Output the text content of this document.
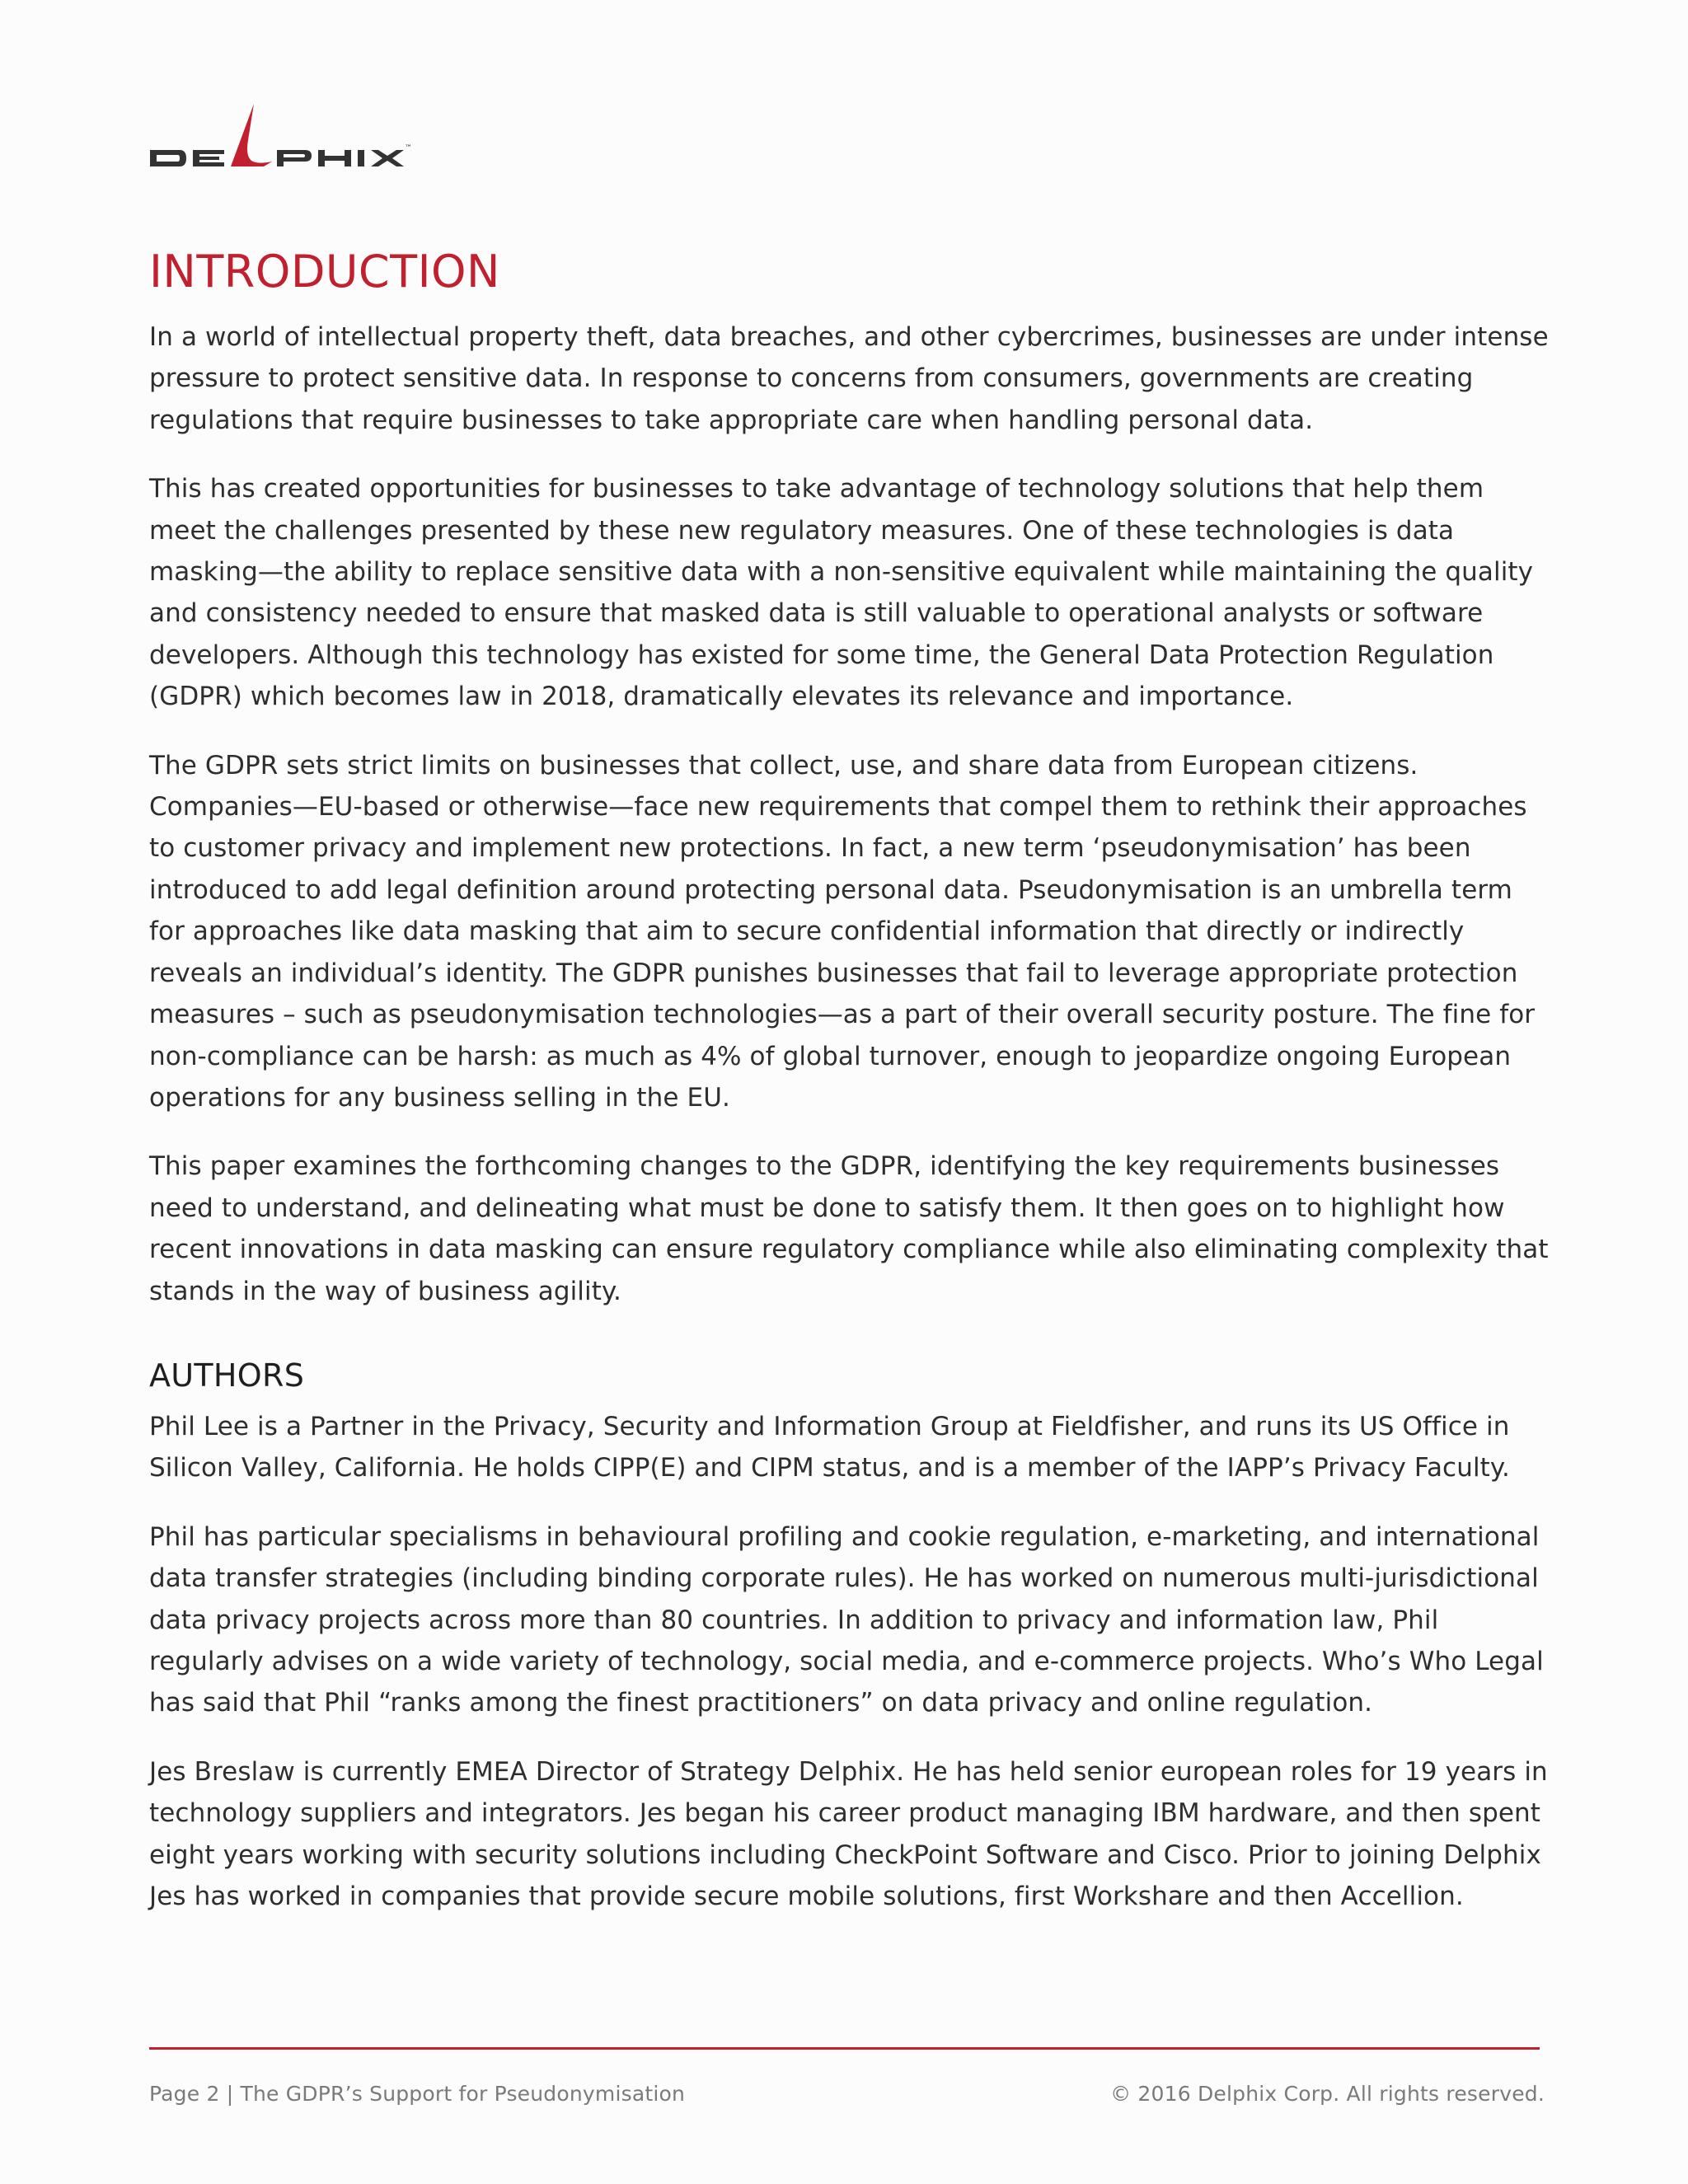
™
INTRODUCTION

In a world of intellectual property theft, data breaches, and other cybercrimes, businesses are under intense pressure to protect sensitive data. In response to concerns from consumers, governments are creating regulations that require businesses to take appropriate care when handling personal data.

This has created opportunities for businesses to take advantage of technology solutions that help them meet the challenges presented by these new regulatory measures. One of these technologies is data masking—the ability to replace sensitive data with a non-sensitive equivalent while maintaining the quality and consistency needed to ensure that masked data is still valuable to operational analysts or software developers. Although this technology has existed for some time, the General Data Protection Regulation (GDPR) which becomes law in 2018, dramatically elevates its relevance and importance.

The GDPR sets strict limits on businesses that collect, use, and share data from European citizens. Companies—EU-based or otherwise—face new requirements that compel them to rethink their approaches to customer privacy and implement new protections. In fact, a new term ‘pseudonymisation’ has been introduced to add legal definition around protecting personal data. Pseudonymisation is an umbrella term for approaches like data masking that aim to secure confidential information that directly or indirectly reveals an individual’s identity. The GDPR punishes businesses that fail to leverage appropriate protection measures – such as pseudonymisation technologies—as a part of their overall security posture. The fine for non-compliance can be harsh: as much as 4% of global turnover, enough to jeopardize ongoing European operations for any business selling in the EU.

This paper examines the forthcoming changes to the GDPR, identifying the key requirements businesses need to understand, and delineating what must be done to satisfy them. It then goes on to highlight how recent innovations in data masking can ensure regulatory compliance while also eliminating complexity that stands in the way of business agility.

AUTHORS

Phil Lee is a Partner in the Privacy, Security and Information Group at Fieldfisher, and runs its US Office in Silicon Valley, California. He holds CIPP(E) and CIPM status, and is a member of the IAPP’s Privacy Faculty.

Phil has particular specialisms in behavioural profiling and cookie regulation, e-marketing, and international data transfer strategies (including binding corporate rules). He has worked on numerous multi-jurisdictional data privacy projects across more than 80 countries. In addition to privacy and information law, Phil regularly advises on a wide variety of technology, social media, and e-commerce projects. Who’s Who Legal has said that Phil “ranks among the finest practitioners” on data privacy and online regulation.

Jes Breslaw is currently EMEA Director of Strategy Delphix. He has held senior european roles for 19 years in technology suppliers and integrators. Jes began his career product managing IBM hardware, and then spent eight years working with security solutions including CheckPoint Software and Cisco. Prior to joining Delphix Jes has worked in companies that provide secure mobile solutions, first Workshare and then Accellion.

Page 2 | The GDPR’s Support for Pseudonymisation	© 2016 Delphix Corp. All rights reserved.
